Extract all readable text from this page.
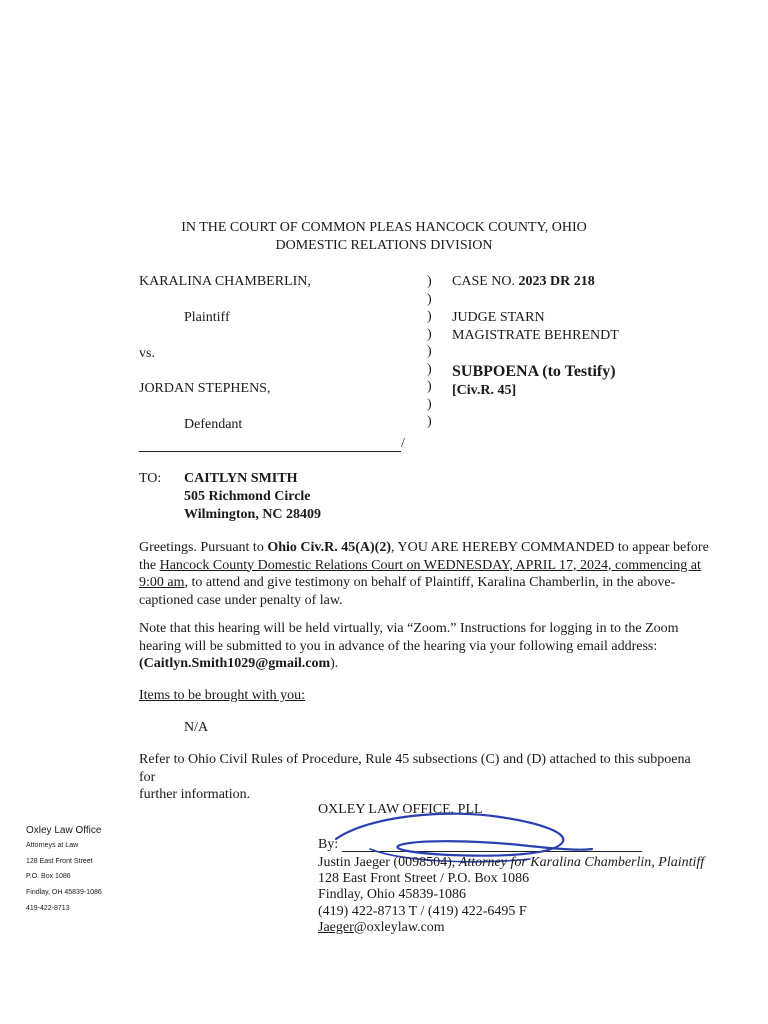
IN THE COURT OF COMMON PLEAS HANCOCK COUNTY, OHIO
DOMESTIC RELATIONS DIVISION
KARALINA CHAMBERLIN,
Plaintiff
vs.
JORDAN STEPHENS,
Defendant
/
)
)
)
)
)
)
)
)
)
CASE NO. 2023 DR 218
JUDGE STARN
MAGISTRATE BEHRENDT
SUBPOENA (to Testify)
[Civ.R. 45]
TO: CAITLYN SMITH
505 Richmond Circle
Wilmington, NC 28409
Greetings. Pursuant to Ohio Civ.R. 45(A)(2), YOU ARE HEREBY COMMANDED to appear before
the Hancock County Domestic Relations Court on WEDNESDAY, APRIL 17, 2024, commencing at
9:00 am, to attend and give testimony on behalf of Plaintiff, Karalina Chamberlin, in the above-
captioned case under penalty of law.
Note that this hearing will be held virtually, via “Zoom.” Instructions for logging in to the Zoom
hearing will be submitted to you in advance of the hearing via your following email address:
(Caitlyn.Smith1029@gmail.com).
Items to be brought with you:
N/A
Refer to Ohio Civil Rules of Procedure, Rule 45 subsections (C) and (D) attached to this subpoena for
further information.
OXLEY LAW OFFICE, PLL
By:
Justin Jaeger (0098504), Attorney for Karalina Chamberlin, Plaintiff
128 East Front Street / P.O. Box 1086
Findlay, Ohio 45839-1086
(419) 422-8713 T / (419) 422-6495 F
Jaeger@oxleylaw.com
Oxley Law Office
Attorneys at Law
128 East Front Street
P.O. Box 1086
Findlay, OH 45839-1086
419-422-8713
